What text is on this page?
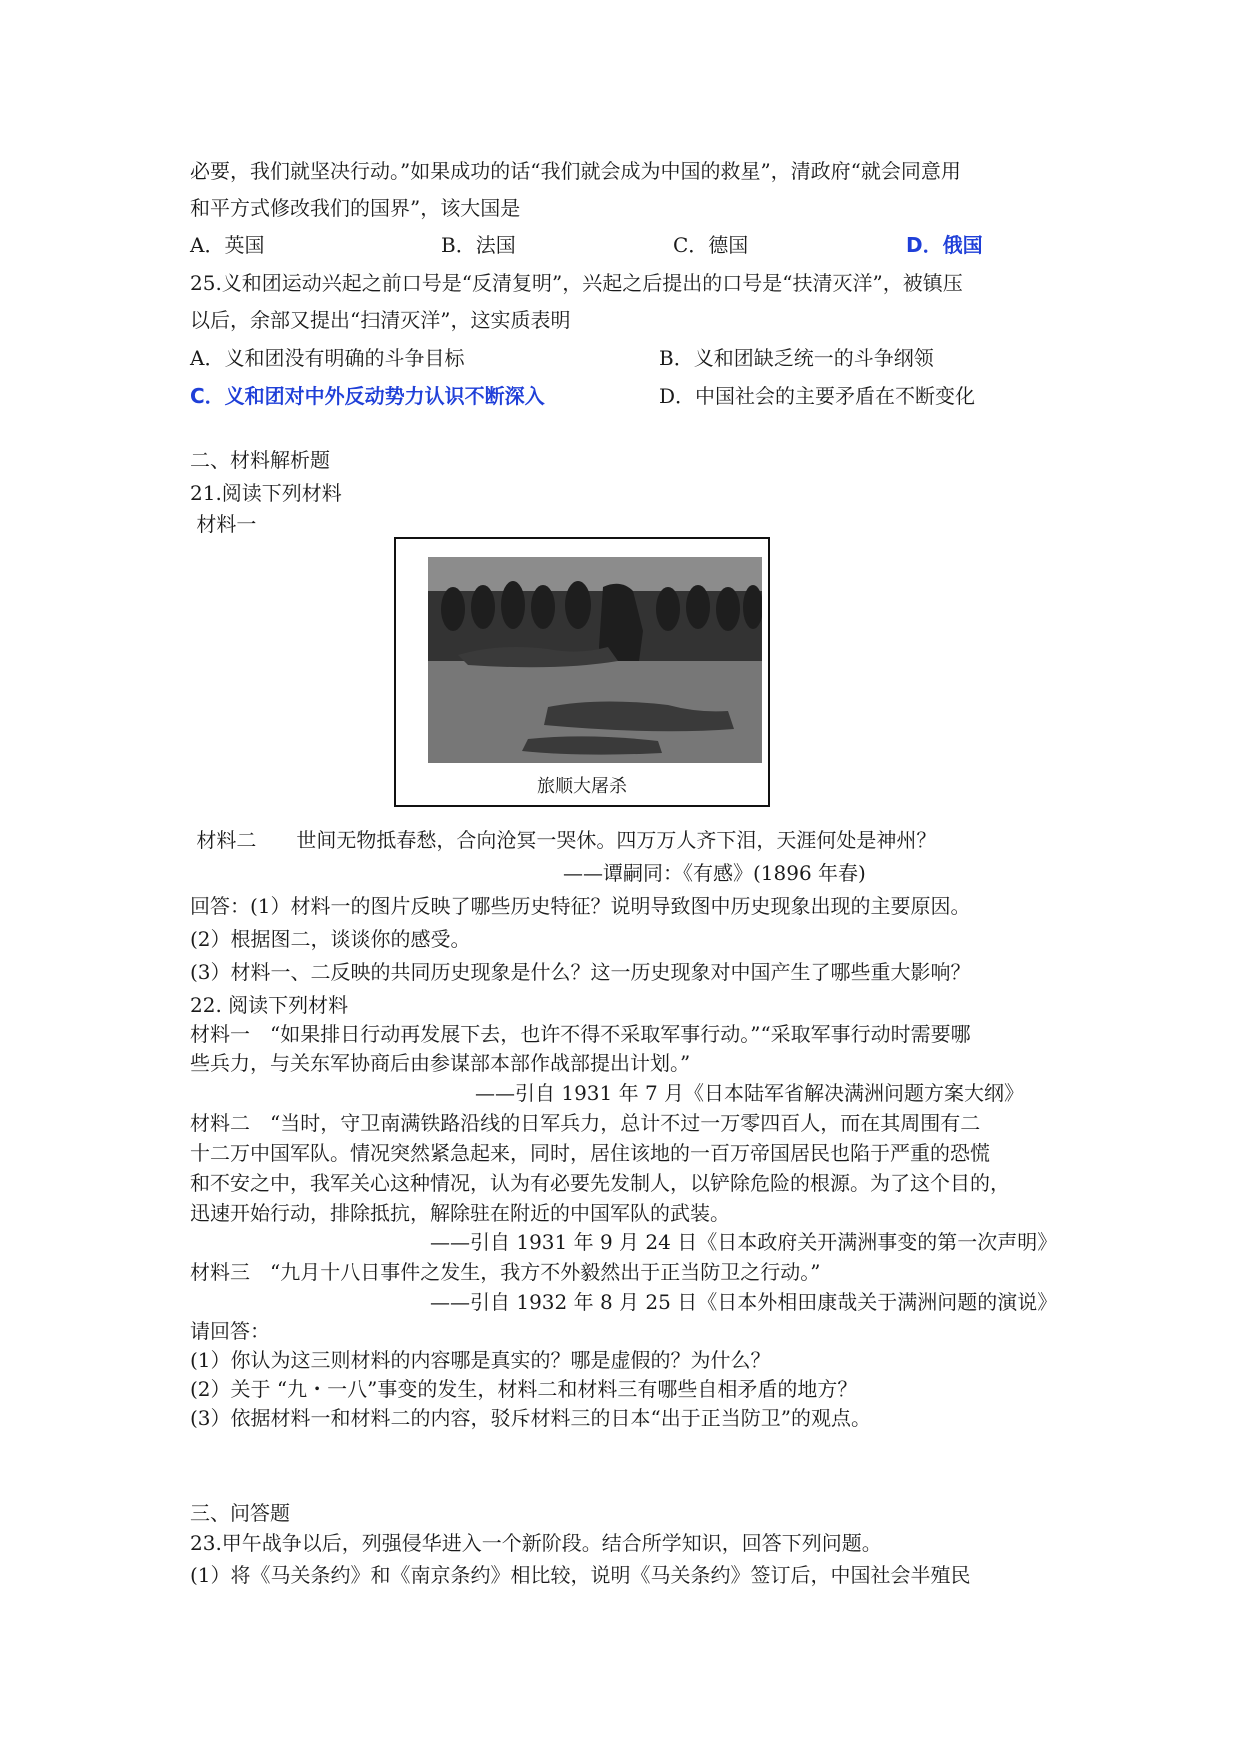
必要，我们就坚决行动。”如果成功的话“我们就会成为中国的救星”，清政府“就会同意用
和平方式修改我们的国界”，该大国是
A．英国	B．法国	C．德国	D．俄国
25.义和团运动兴起之前口号是“反清复明”，兴起之后提出的口号是“扶清灭洋”，被镇压
以后，余部又提出“扫清灭洋”，这实质表明
A．义和团没有明确的斗争目标	B．义和团缺乏统一的斗争纲领
C．义和团对中外反动势力认识不断深入	D．中国社会的主要矛盾在不断变化
二、材料解析题
21.阅读下列材料
材料一
旅顺大屠杀
材料二　　世间无物抵春愁，合向沧冥一哭休。四万万人齐下泪，天涯何处是神州？
——谭嗣同：《有感》(1896 年春)
回答：(1）材料一的图片反映了哪些历史特征？说明导致图中历史现象出现的主要原因。
(2）根据图二，谈谈你的感受。
(3）材料一、二反映的共同历史现象是什么？这一历史现象对中国产生了哪些重大影响？
22. 阅读下列材料
材料一　“如果排日行动再发展下去，也许不得不采取军事行动。”“采取军事行动时需要哪
些兵力，与关东军协商后由参谋部本部作战部提出计划。”
——引自 1931 年 7 月《日本陆军省解决满洲问题方案大纲》
材料二　“当时，守卫南满铁路沿线的日军兵力，总计不过一万零四百人，而在其周围有二
十二万中国军队。情况突然紧急起来，同时，居住该地的一百万帝国居民也陷于严重的恐慌
和不安之中，我军关心这种情况，认为有必要先发制人，以铲除危险的根源。为了这个目的，
迅速开始行动，排除抵抗，解除驻在附近的中国军队的武装。
——引自 1931 年 9 月 24 日《日本政府关开满洲事变的第一次声明》
材料三　“九月十八日事件之发生，我方不外毅然出于正当防卫之行动。”
——引自 1932 年 8 月 25 日《日本外相田康哉关于满洲问题的演说》
请回答：
(1）你认为这三则材料的内容哪是真实的？哪是虚假的？为什么？
(2）关于 “九・一八”事变的发生，材料二和材料三有哪些自相矛盾的地方？
(3）依据材料一和材料二的内容，驳斥材料三的日本“出于正当防卫”的观点。
三、问答题
23.甲午战争以后，列强侵华进入一个新阶段。结合所学知识，回答下列问题。
(1）将《马关条约》和《南京条约》相比较，说明《马关条约》签订后，中国社会半殖民
